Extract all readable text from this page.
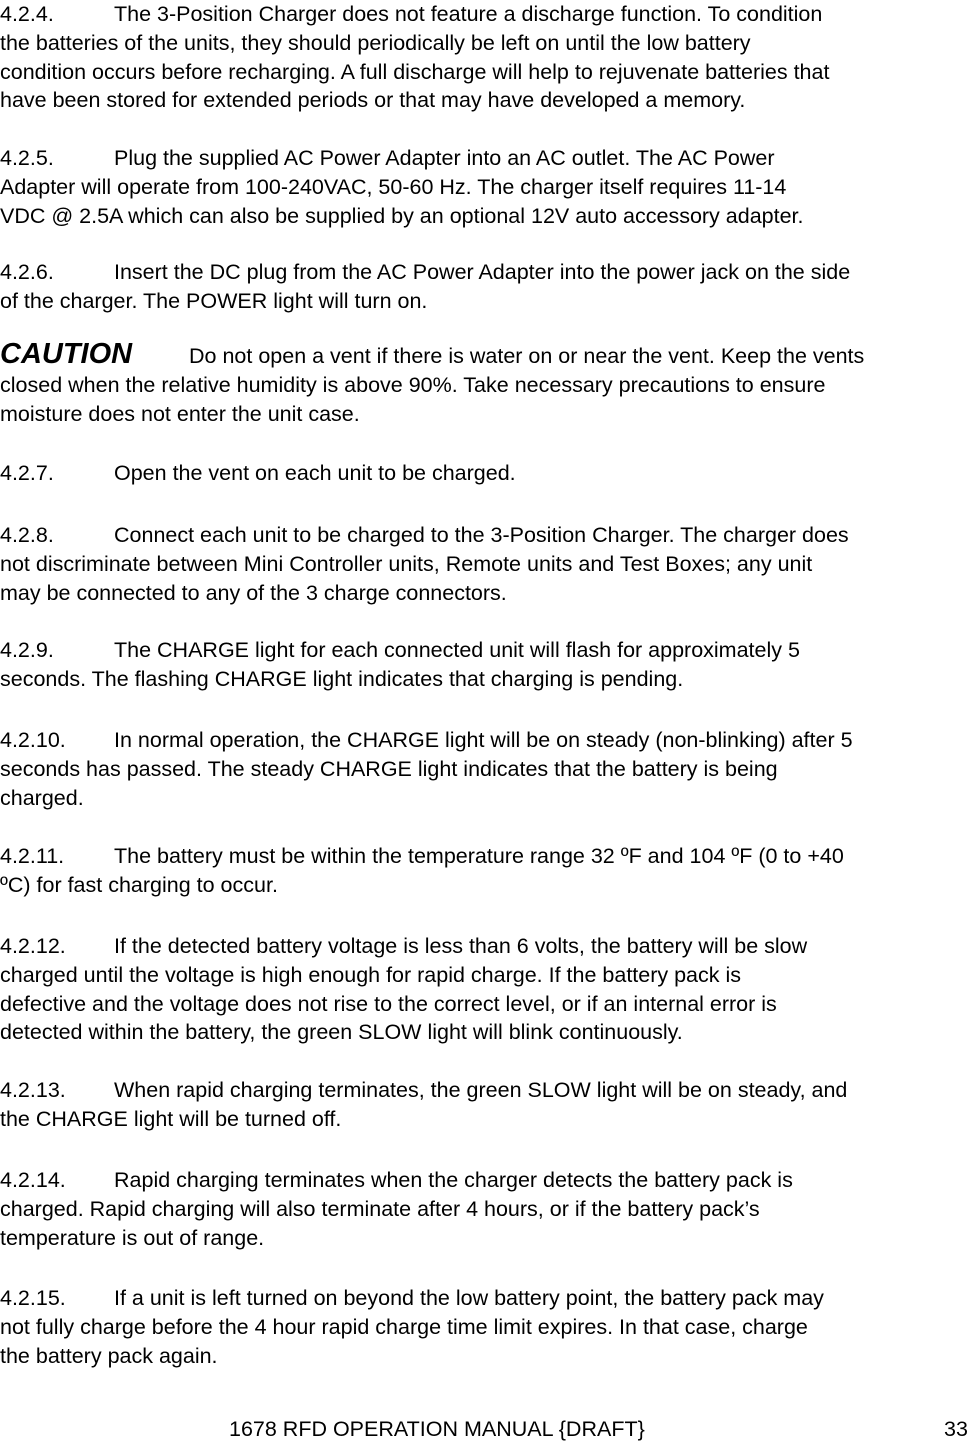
4.2.4.	The 3-Position Charger does not feature a discharge function. To condition
the batteries of the units, they should periodically be left on until the low battery
condition occurs before recharging. A full discharge will help to rejuvenate batteries that
have been stored for extended periods or that may have developed a memory.
4.2.5.	Plug the supplied AC Power Adapter into an AC outlet. The AC Power
Adapter will operate from 100-240VAC, 50-60 Hz. The charger itself requires 11-14
VDC @ 2.5A which can also be supplied by an optional 12V auto accessory adapter.
4.2.6.	Insert the DC plug from the AC Power Adapter into the power jack on the side
of the charger. The POWER light will turn on.
CAUTION	Do not open a vent if there is water on or near the vent. Keep the vents
closed when the relative humidity is above 90%. Take necessary precautions to ensure
moisture does not enter the unit case.
4.2.7.	Open the vent on each unit to be charged.
4.2.8.	Connect each unit to be charged to the 3-Position Charger. The charger does
not discriminate between Mini Controller units, Remote units and Test Boxes; any unit
may be connected to any of the 3 charge connectors.
4.2.9.	The CHARGE light for each connected unit will flash for approximately 5
seconds. The flashing CHARGE light indicates that charging is pending.
4.2.10. In normal operation, the CHARGE light will be on steady (non-blinking) after 5
seconds has passed. The steady CHARGE light indicates that the battery is being
charged.
4.2.11. The battery must be within the temperature range 32 ºF and 104 ºF (0 to +40
ºC) for fast charging to occur.
4.2.12. If the detected battery voltage is less than 6 volts, the battery will be slow
charged until the voltage is high enough for rapid charge. If the battery pack is
defective and the voltage does not rise to the correct level, or if an internal error is
detected within the battery, the green SLOW light will blink continuously.
4.2.13. When rapid charging terminates, the green SLOW light will be on steady, and
the CHARGE light will be turned off.
4.2.14. Rapid charging terminates when the charger detects the battery pack is
charged. Rapid charging will also terminate after 4 hours, or if the battery pack’s
temperature is out of range.
4.2.15. If a unit is left turned on beyond the low battery point, the battery pack may
not fully charge before the 4 hour rapid charge time limit expires. In that case, charge
the battery pack again.
1678 RFD OPERATION MANUAL {DRAFT}	33
